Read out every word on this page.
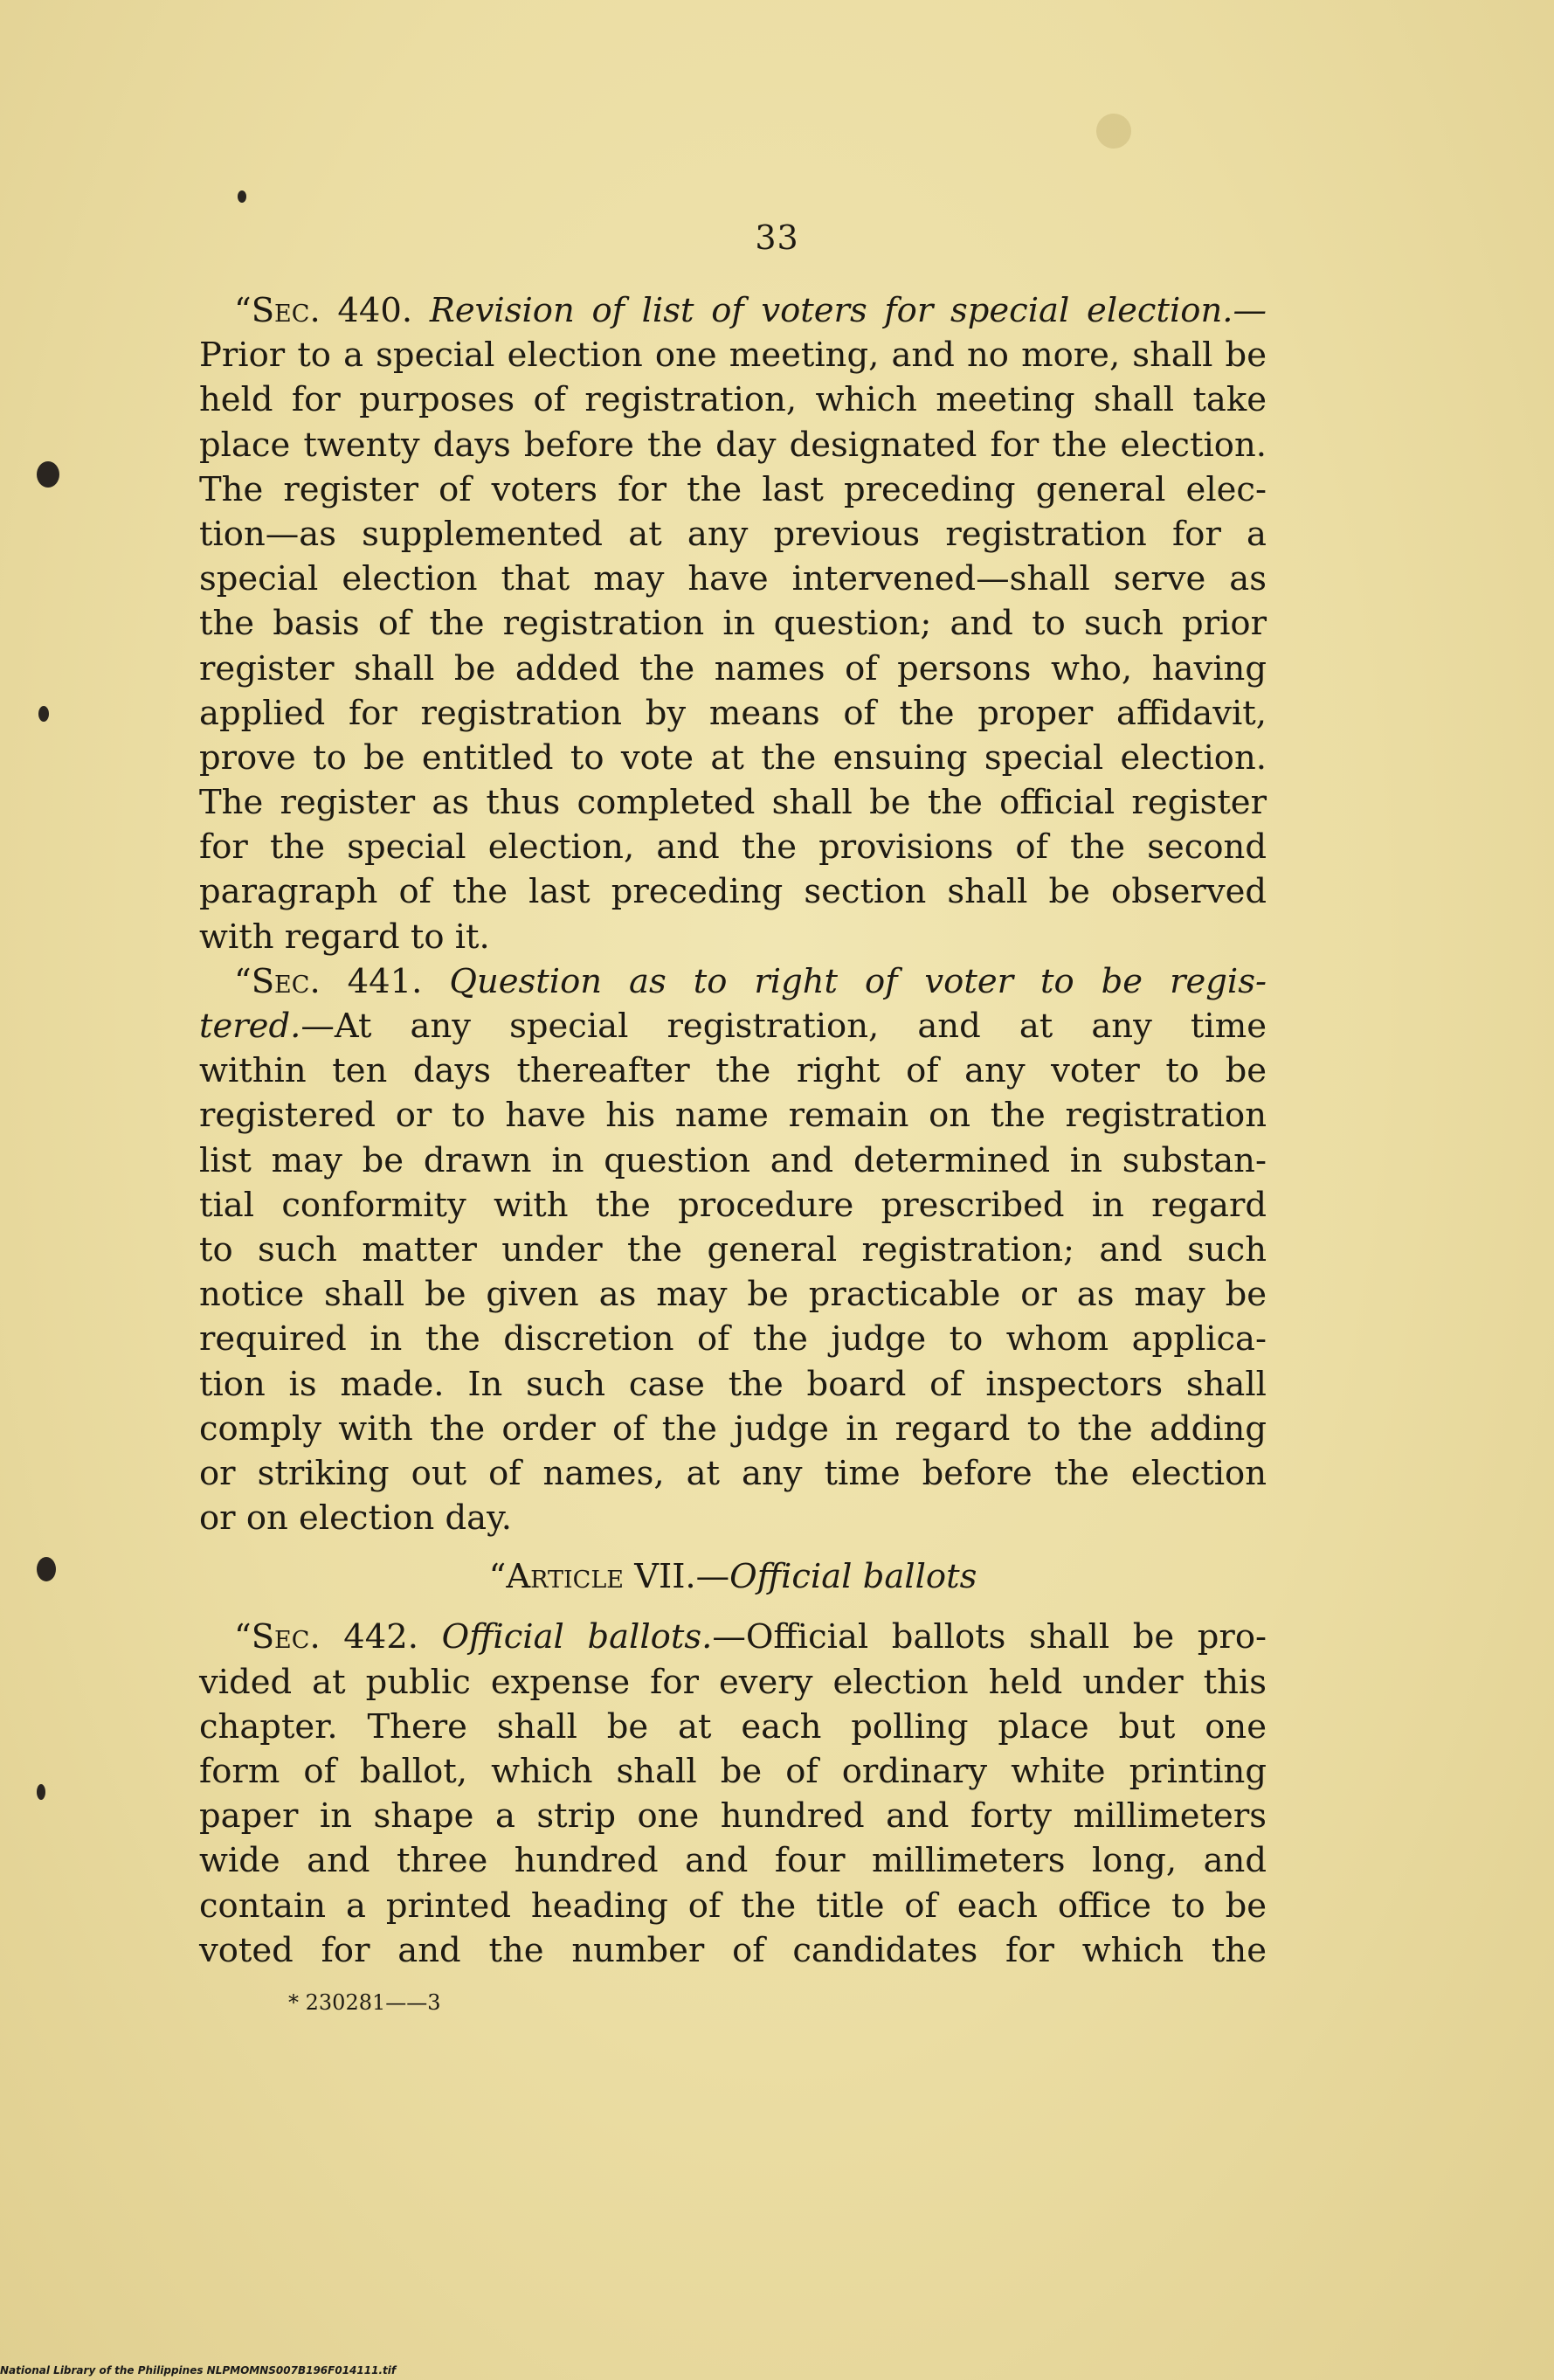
33
“Sec. 440. Revision of list of voters for special election.—
Prior to a special election one meeting, and no more, shall be
held for purposes of registration, which meeting shall take
place twenty days before the day designated for the election.
The register of voters for the last preceding general elec-
tion—as supplemented at any previous registration for a
special election that may have intervened—shall serve as
the basis of the registration in question; and to such prior
register shall be added the names of persons who, having
applied for registration by means of the proper affidavit,
prove to be entitled to vote at the ensuing special election.
The register as thus completed shall be the official register
for the special election, and the provisions of the second
paragraph of the last preceding section shall be observed
with regard to it.
“Sec. 441. Question as to right of voter to be regis-
tered.—At any special registration, and at any time
within ten days thereafter the right of any voter to be
registered or to have his name remain on the registration
list may be drawn in question and determined in substan-
tial conformity with the procedure prescribed in regard
to such matter under the general registration; and such
notice shall be given as may be practicable or as may be
required in the discretion of the judge to whom applica-
tion is made. In such case the board of inspectors shall
comply with the order of the judge in regard to the adding
or striking out of names, at any time before the election
or on election day.
“Article VII.—Official ballots
“Sec. 442. Official ballots.—Official ballots shall be pro-
vided at public expense for every election held under this
chapter. There shall be at each polling place but one
form of ballot, which shall be of ordinary white printing
paper in shape a strip one hundred and forty millimeters
wide and three hundred and four millimeters long, and
contain a printed heading of the title of each office to be
voted for and the number of candidates for which the
* 230281——3
National Library of the Philippines NLPMOMNS007B196F014111.tif
